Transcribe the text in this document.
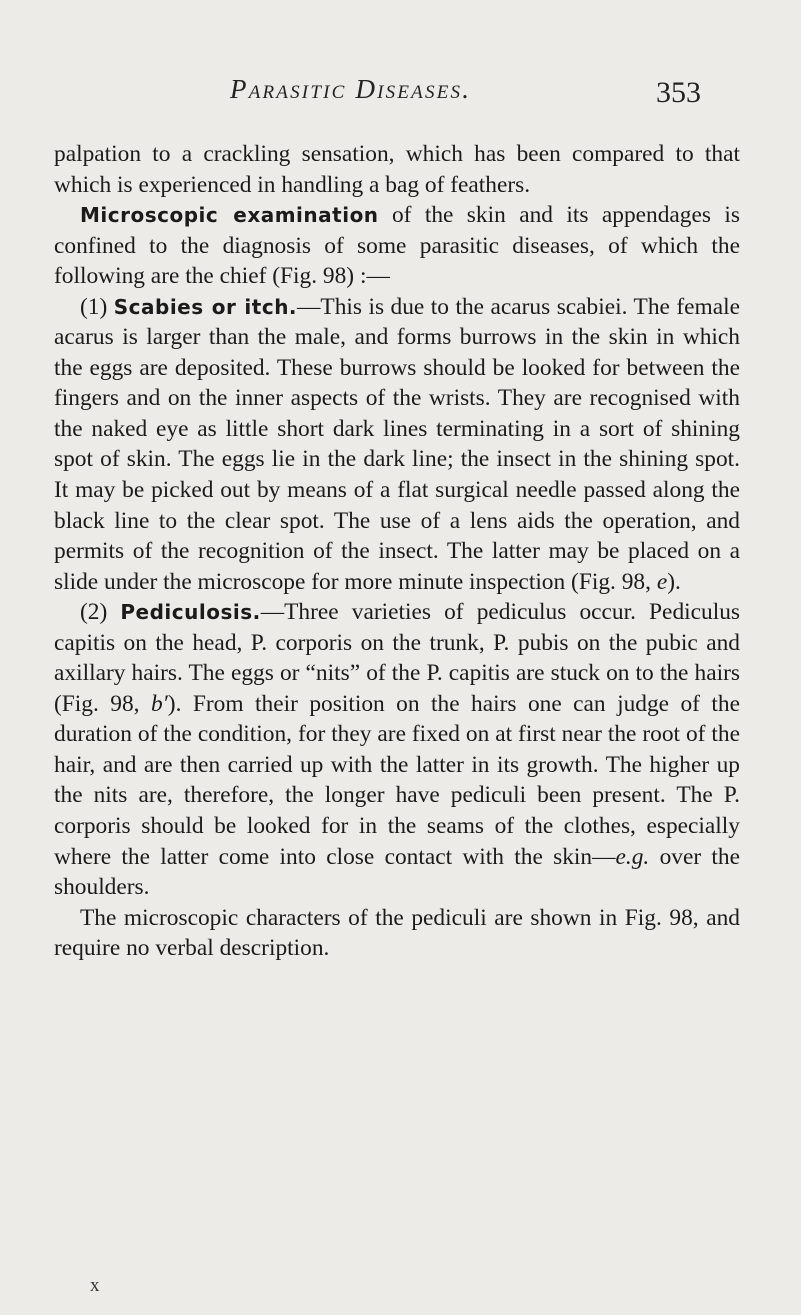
Parasitic Diseases.	353

palpation to a crackling sensation, which has been compared to that which is experienced in handling a bag of feathers.

Microscopic examination of the skin and its appendages is confined to the diagnosis of some parasitic diseases, of which the following are the chief (Fig. 98) :—

(1) Scabies or itch.—This is due to the acarus scabiei. The female acarus is larger than the male, and forms burrows in the skin in which the eggs are deposited. These burrows should be looked for between the fingers and on the inner aspects of the wrists. They are recognised with the naked eye as little short dark lines terminating in a sort of shining spot of skin. The eggs lie in the dark line; the insect in the shining spot. It may be picked out by means of a flat surgical needle passed along the black line to the clear spot. The use of a lens aids the operation, and permits of the recognition of the insect. The latter may be placed on a slide under the microscope for more minute inspection (Fig. 98, e).

(2) Pediculosis.—Three varieties of pediculus occur. Pediculus capitis on the head, P. corporis on the trunk, P. pubis on the pubic and axillary hairs. The eggs or “nits” of the P. capitis are stuck on to the hairs (Fig. 98, b′). From their position on the hairs one can judge of the duration of the condition, for they are fixed on at first near the root of the hair, and are then carried up with the latter in its growth. The higher up the nits are, therefore, the longer have pediculi been present. The P. corporis should be looked for in the seams of the clothes, especially where the latter come into close contact with the skin—e.g. over the shoulders.

The microscopic characters of the pediculi are shown in Fig. 98, and require no verbal description.

x
